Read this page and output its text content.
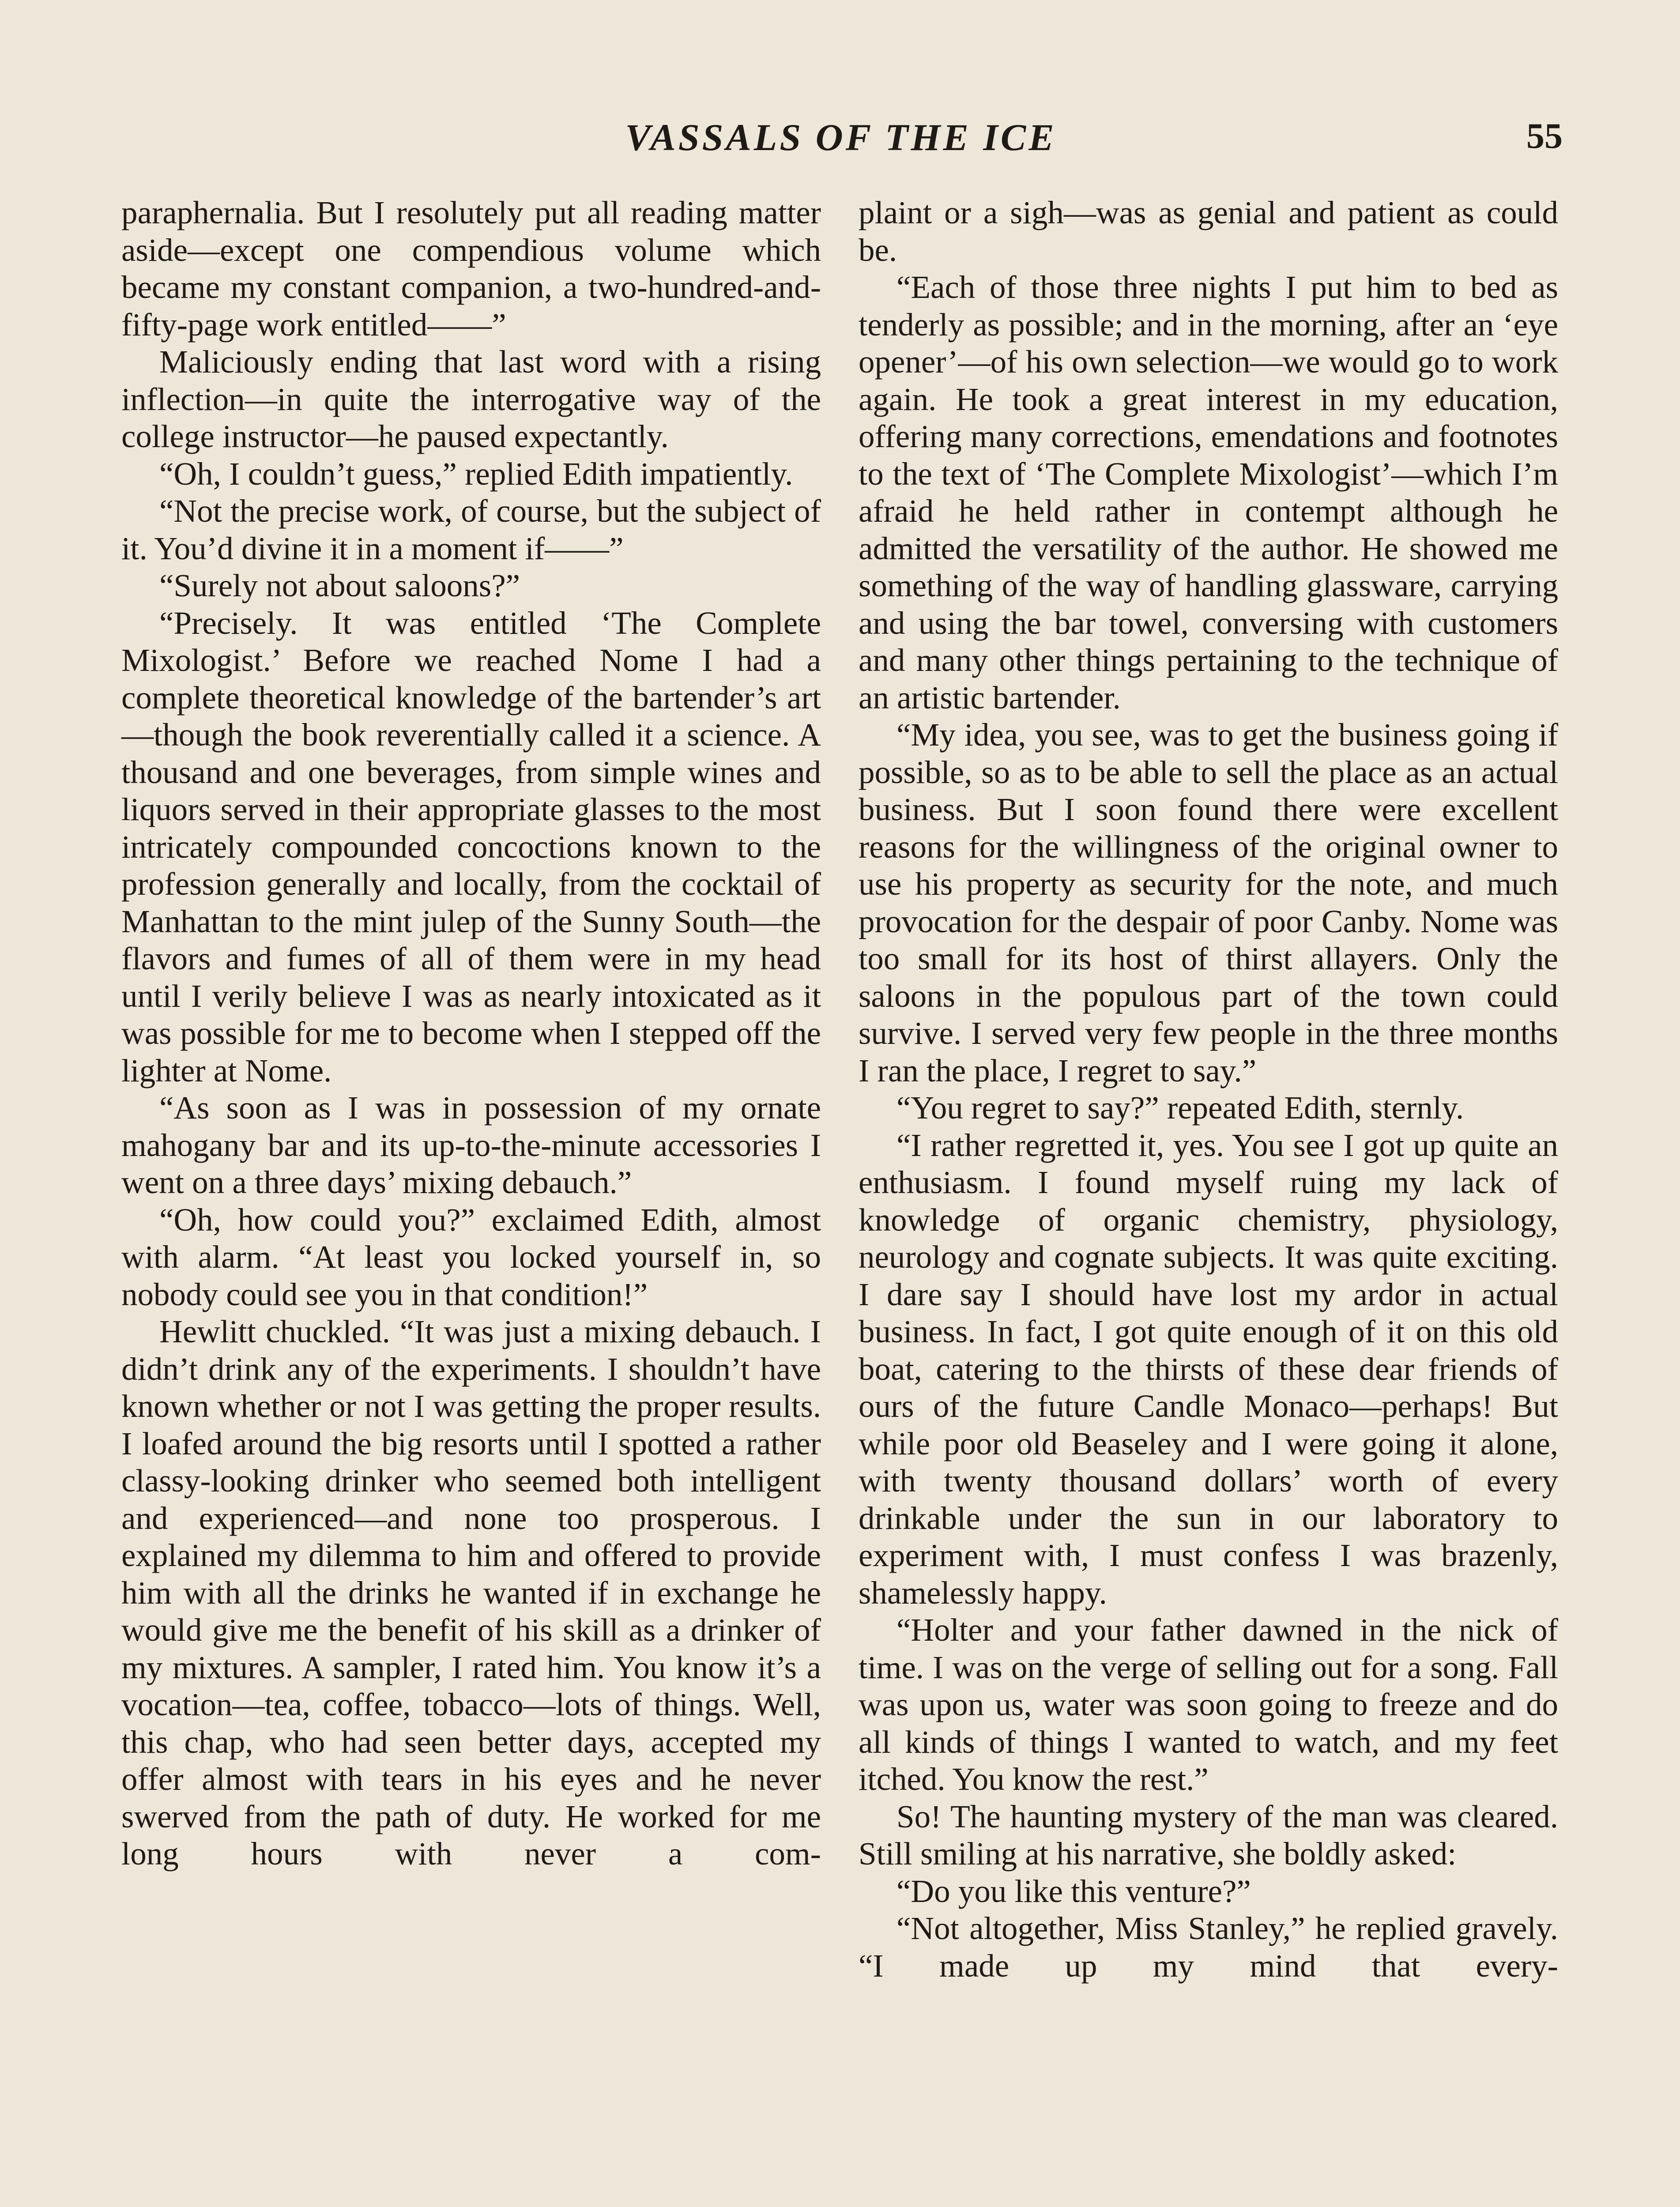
VASSALS OF THE ICE	55

paraphernalia. But I resolutely put all reading matter aside—except one compendious volume which became my constant companion, a two-hundred-and-fifty-page work entitled——”

Maliciously ending that last word with a rising inflection—in quite the interrogative way of the college instructor—he paused expectantly.

“Oh, I couldn’t guess,” replied Edith impatiently.

“Not the precise work, of course, but the subject of it. You’d divine it in a moment if——”

“Surely not about saloons?”

“Precisely. It was entitled ‘The Complete Mixologist.’ Before we reached Nome I had a complete theoretical knowledge of the bartender’s art—though the book reverentially called it a science. A thousand and one beverages, from simple wines and liquors served in their appropriate glasses to the most intricately compounded concoctions known to the profession generally and locally, from the cocktail of Manhattan to the mint julep of the Sunny South—the flavors and fumes of all of them were in my head until I verily believe I was as nearly intoxicated as it was possible for me to become when I stepped off the lighter at Nome.

“As soon as I was in possession of my ornate mahogany bar and its up-to-the-minute accessories I went on a three days’ mixing debauch.”

“Oh, how could you?” exclaimed Edith, almost with alarm. “At least you locked yourself in, so nobody could see you in that condition!”

Hewlitt chuckled. “It was just a mixing debauch. I didn’t drink any of the experiments. I shouldn’t have known whether or not I was getting the proper results. I loafed around the big resorts until I spotted a rather classy-looking drinker who seemed both intelligent and experienced—and none too prosperous. I explained my dilemma to him and offered to provide him with all the drinks he wanted if in exchange he would give me the benefit of his skill as a drinker of my mixtures. A sampler, I rated him. You know it’s a vocation—tea, coffee, tobacco—lots of things. Well, this chap, who had seen better days, accepted my offer almost with tears in his eyes and he never swerved from the path of duty. He worked for me long hours with never a com-

plaint or a sigh—was as genial and patient as could be.

“Each of those three nights I put him to bed as tenderly as possible; and in the morning, after an ‘eye opener’—of his own selection—we would go to work again. He took a great interest in my education, offering many corrections, emendations and footnotes to the text of ‘The Complete Mixologist’—which I’m afraid he held rather in contempt although he admitted the versatility of the author. He showed me something of the way of handling glassware, carrying and using the bar towel, conversing with customers and many other things pertaining to the technique of an artistic bartender.

“My idea, you see, was to get the business going if possible, so as to be able to sell the place as an actual business. But I soon found there were excellent reasons for the willingness of the original owner to use his property as security for the note, and much provocation for the despair of poor Canby. Nome was too small for its host of thirst allayers. Only the saloons in the populous part of the town could survive. I served very few people in the three months I ran the place, I regret to say.”

“You regret to say?” repeated Edith, sternly.

“I rather regretted it, yes. You see I got up quite an enthusiasm. I found myself ruing my lack of knowledge of organic chemistry, physiology, neurology and cognate subjects. It was quite exciting. I dare say I should have lost my ardor in actual business. In fact, I got quite enough of it on this old boat, catering to the thirsts of these dear friends of ours of the future Candle Monaco—perhaps! But while poor old Beaseley and I were going it alone, with twenty thousand dollars’ worth of every drinkable under the sun in our laboratory to experiment with, I must confess I was brazenly, shamelessly happy.

“Holter and your father dawned in the nick of time. I was on the verge of selling out for a song. Fall was upon us, water was soon going to freeze and do all kinds of things I wanted to watch, and my feet itched. You know the rest.”

So! The haunting mystery of the man was cleared. Still smiling at his narrative, she boldly asked:

“Do you like this venture?”

“Not altogether, Miss Stanley,” he replied gravely. “I made up my mind that every-
